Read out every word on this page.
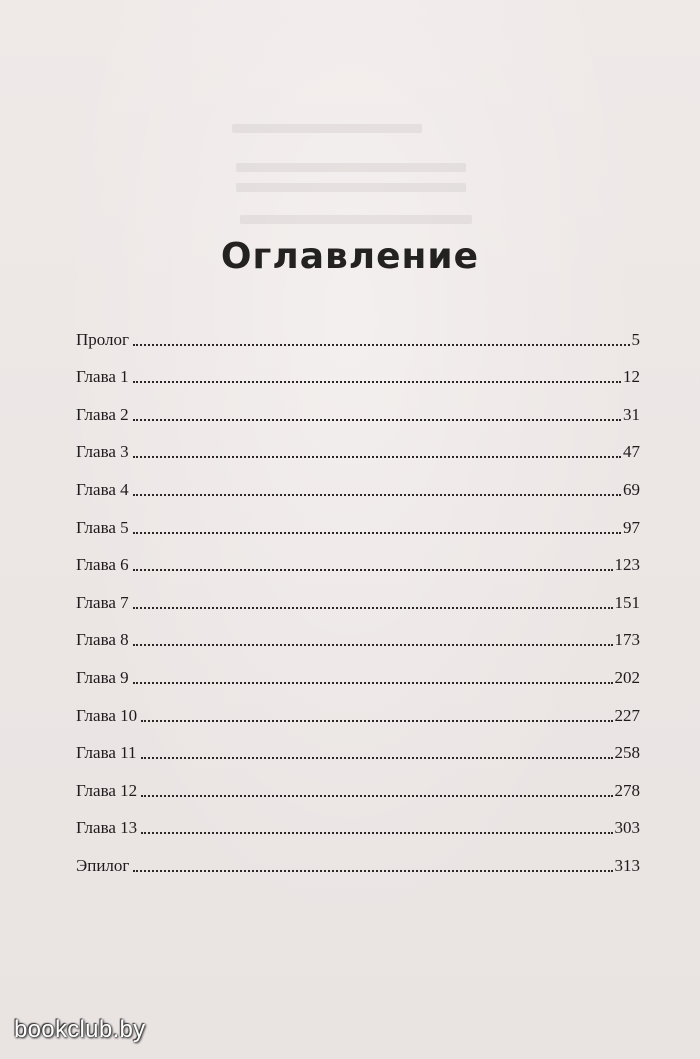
Оглавление
Пролог	5
Глава 1	12
Глава 2	31
Глава 3	47
Глава 4	69
Глава 5	97
Глава 6	123
Глава 7	151
Глава 8	173
Глава 9	202
Глава 10	227
Глава 11	258
Глава 12	278
Глава 13	303
Эпилог	313
bookclub.by
